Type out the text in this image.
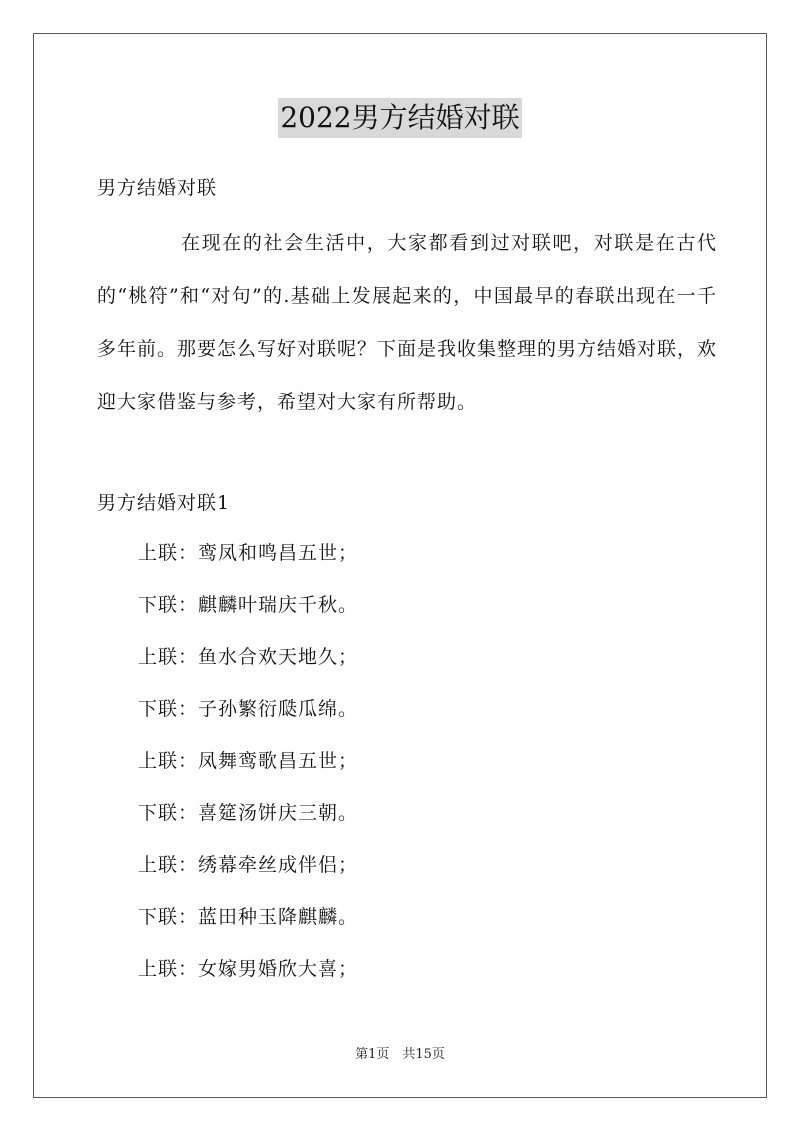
2022男方结婚对联
男方结婚对联
在现在的社会生活中，大家都看到过对联吧，对联是在古代的“桃符”和“对句”的.基础上发展起来的，中国最早的春联出现在一千多年前。那要怎么写好对联呢？下面是我收集整理的男方结婚对联，欢迎大家借鉴与参考，希望对大家有所帮助。
男方结婚对联1
上联：鸾凤和鸣昌五世；
下联：麒麟叶瑞庆千秋。
上联：鱼水合欢天地久；
下联：子孙繁衍瓞瓜绵。
上联：凤舞鸾歌昌五世；
下联：喜筵汤饼庆三朝。
上联：绣幕牵丝成伴侣；
下联：蓝田种玉降麒麟。
上联：女嫁男婚欣大喜；
第1页　共15页
